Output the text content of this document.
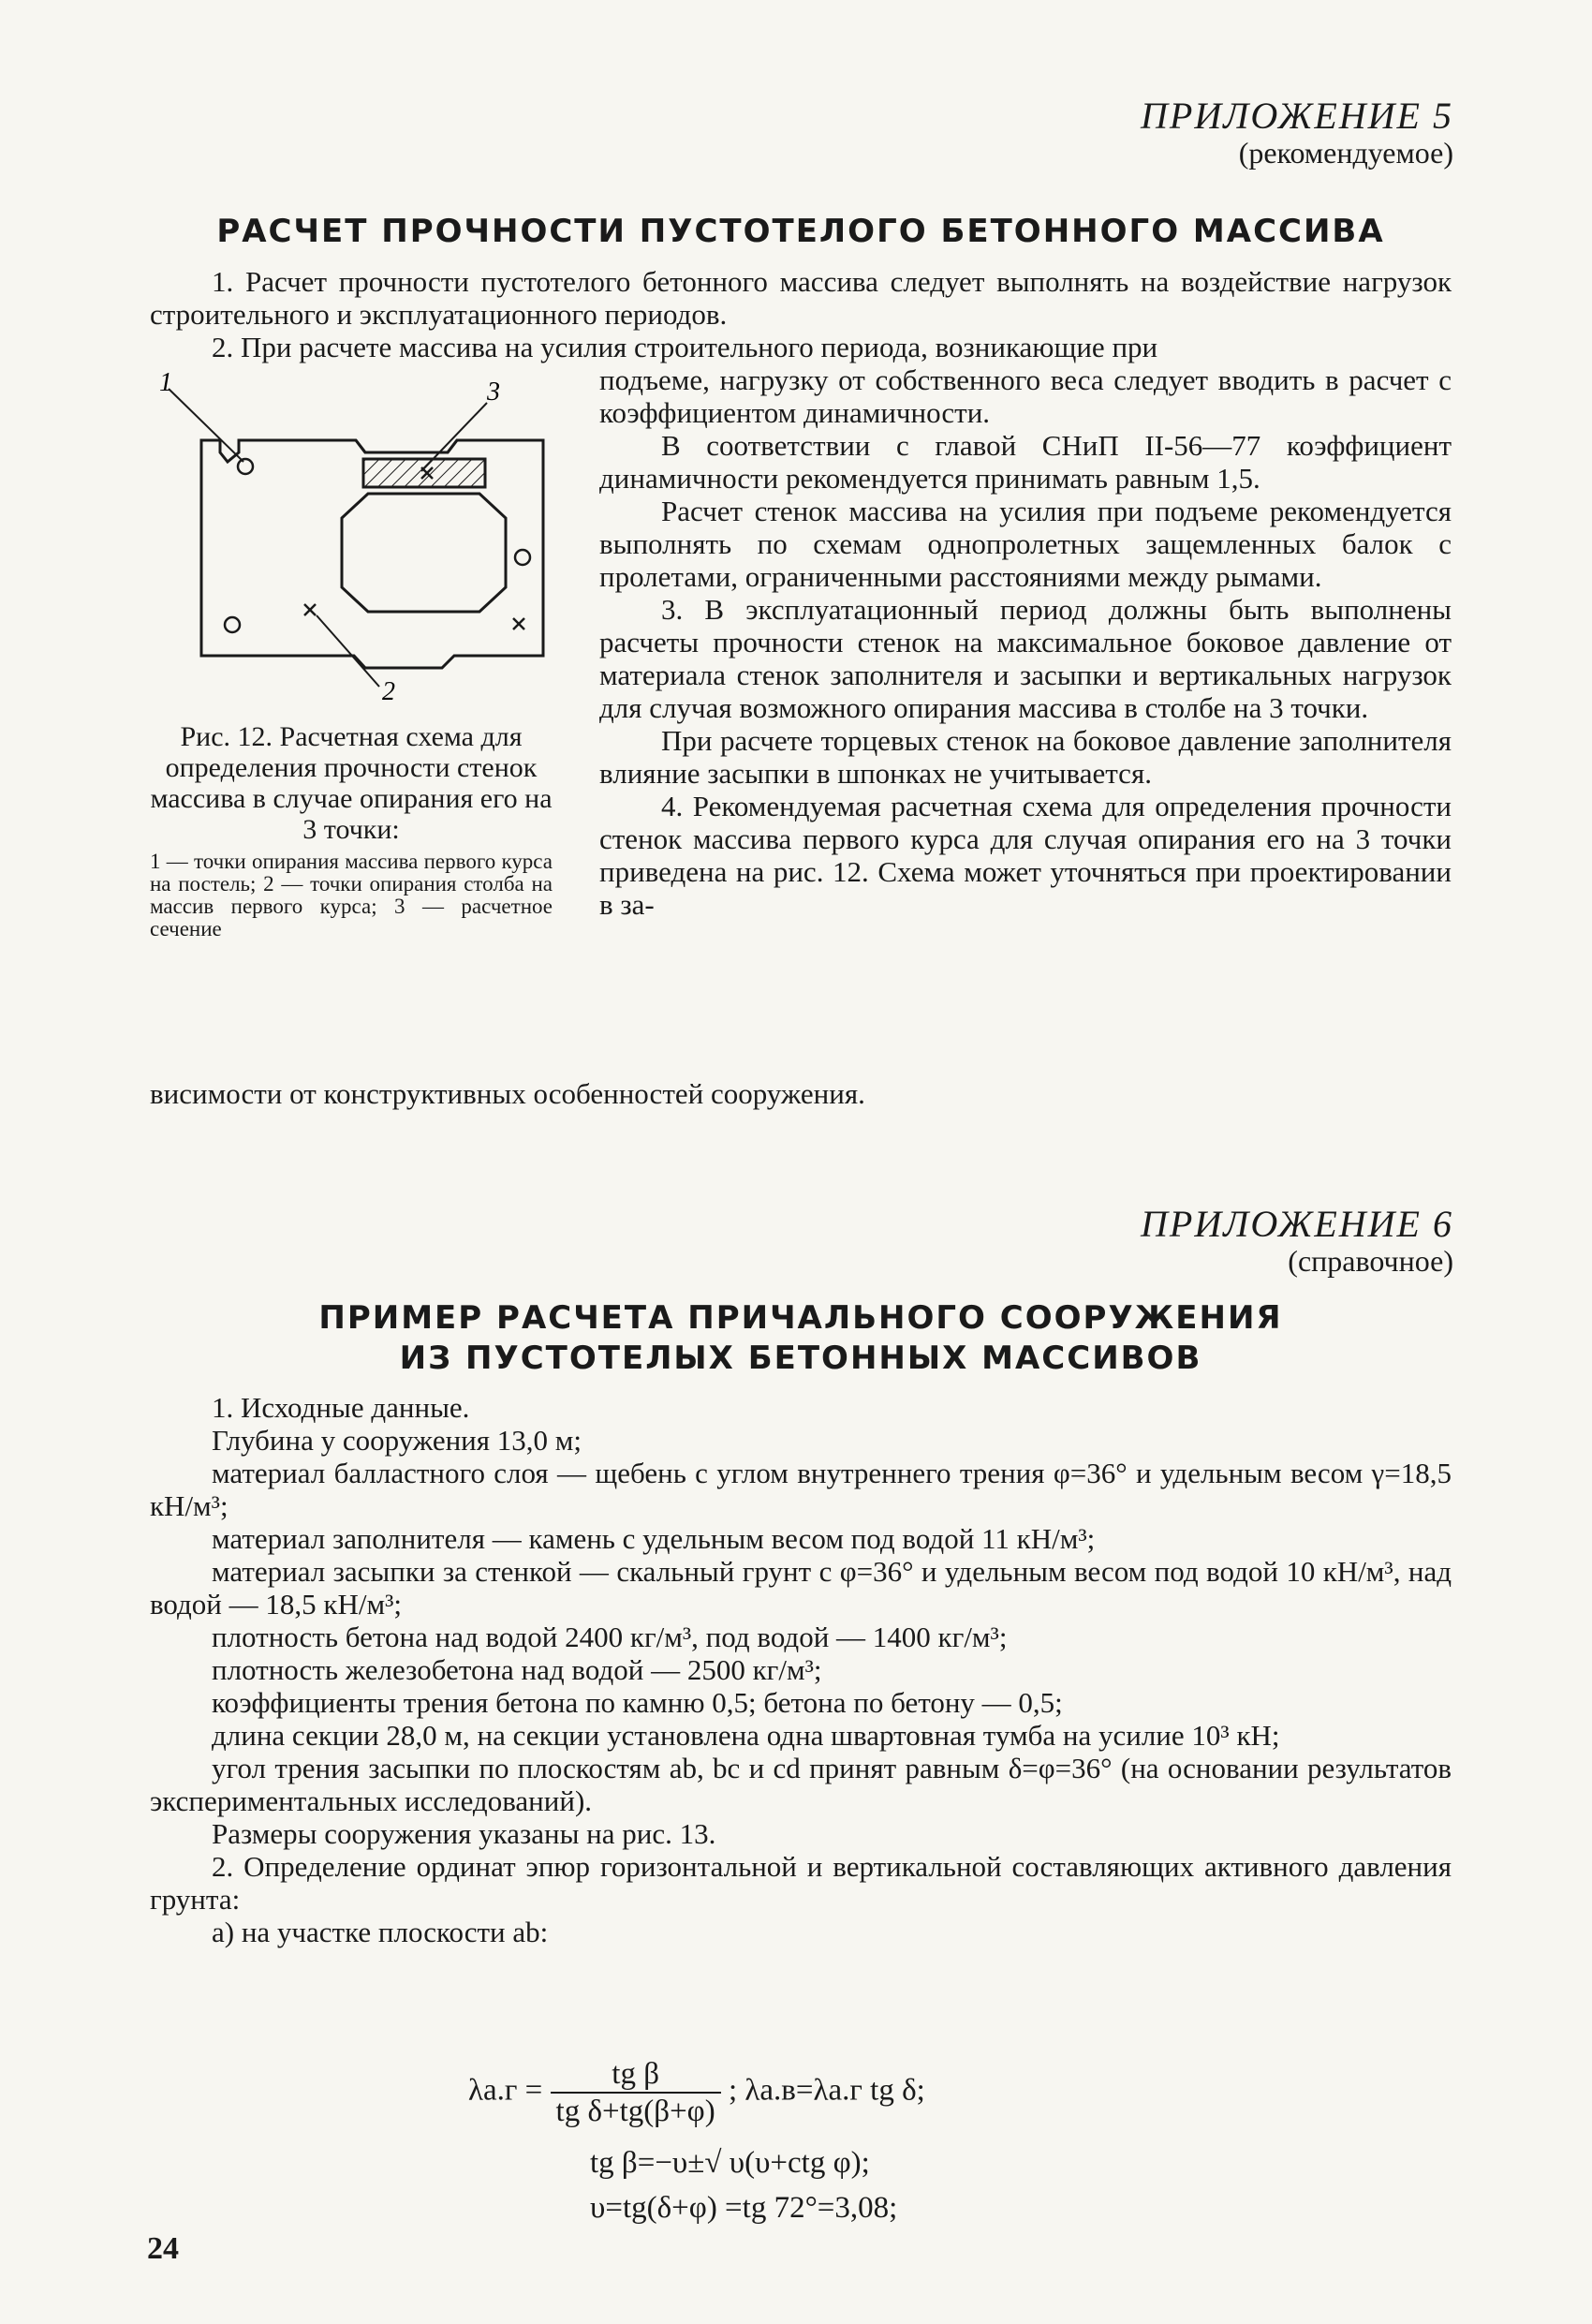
ПРИЛОЖЕНИЕ 5
(рекомендуемое)
РАСЧЕТ ПРОЧНОСТИ ПУСТОТЕЛОГО БЕТОННОГО МАССИВА

1. Расчет прочности пустотелого бетонного массива следует выполнять на воздействие нагрузок строительного и эксплуатационного периодов.

2. При расчете массива на усилия строительного периода, возникающие при

1	3
2

Рис. 12. Расчетная схема для определения прочности стенок массива в случае опирания его на 3 точки:

1 — точки опирания массива первого курса на постель; 2 — точки опирания столба на массив первого курса; 3 — расчетное сечение

подъеме, нагрузку от собственного веса следует вводить в расчет с коэффициентом динамичности.

В соответствии с главой СНиП II-56—77 коэффициент динамичности рекомендуется принимать равным 1,5.

Расчет стенок массива на усилия при подъеме рекомендуется выполнять по схемам однопролетных защемленных балок с пролетами, ограниченными расстояниями между рымами.

3. В эксплуатационный период должны быть выполнены расчеты прочности стенок на максимальное боковое давление от материала стенок заполнителя и засыпки и вертикальных нагрузок для случая возможного опирания массива в столбе на 3 точки.

При расчете торцевых стенок на боковое давление заполнителя влияние засыпки в шпонках не учитывается.

4. Рекомендуемая расчетная схема для определения прочности стенок массива первого курса для случая опирания его на 3 точки приведена на рис. 12. Схема может уточняться при проектировании в за-

висимости от конструктивных особенностей сооружения.

ПРИЛОЖЕНИЕ 6
(справочное)
ПРИМЕР РАСЧЕТА ПРИЧАЛЬНОГО СООРУЖЕНИЯ
ИЗ ПУСТОТЕЛЫХ БЕТОННЫХ МАССИВОВ

1. Исходные данные.

Глубина у сооружения 13,0 м;

материал балластного слоя — щебень с углом внутреннего трения φ=36° и удельным весом γ=18,5 кН/м³;

материал заполнителя — камень с удельным весом под водой 11 кН/м³;

материал засыпки за стенкой — скальный грунт с φ=36° и удельным весом под водой 10 кН/м³, над водой — 18,5 кН/м³;

плотность бетона над водой 2400 кг/м³, под водой — 1400 кг/м³;

плотность железобетона над водой — 2500 кг/м³;

коэффициенты трения бетона по камню 0,5; бетона по бетону — 0,5;

длина секции 28,0 м, на секции установлена одна швартовная тумба на усилие 10³ кН;

угол трения засыпки по плоскостям ab, bc и cd принят равным δ=φ=36° (на основании результатов экспериментальных исследований).

Размеры сооружения указаны на рис. 13.

2. Определение ординат эпюр горизонтальной и вертикальной составляющих активного давления грунта:

а) на участке плоскости ab:

$\lambda а.г = \frac{\text{tg β}}{\text{tg δ+tg(β+φ)}}$ ; λа.в=λа.г tg δ;
tg β=−υ±√ υ(υ+ctg φ);
υ=tg(δ+φ) =tg 72°=3,08;
24
